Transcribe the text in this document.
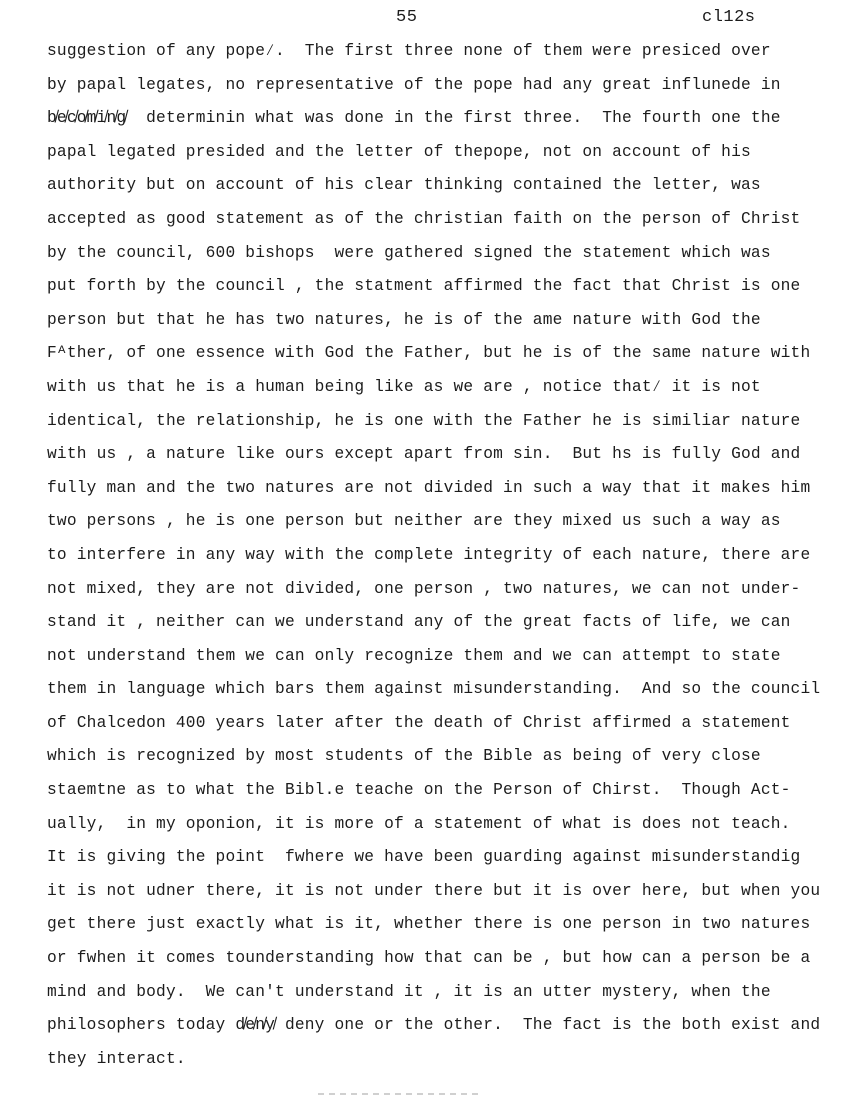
55	cl12s
suggestion of any pope∕.  The first three none of them were presiced over
by papal legates, no representative of the pope had any great influnede in
b̸e̸c̸o̸m̸i̸n̸g̸  determinin what was done in the first three.  The fourth one the
papal legated presided and the letter of thepope, not on account of his
authority but on account of his clear thinking contained the letter, was
accepted as good statement as of the christian faith on the person of Christ
by the council, 600 bishops  were gathered signed the statement which was
put forth by the council , the statment affirmed the fact that Christ is one
person but that he has two natures, he is of the ame nature with God the
Fᴬther, of one essence with God the Father, but he is of the same nature with
with us that he is a human being like as we are , notice that∕ it is not
identical, the relationship, he is one with the Father he is similiar nature
with us , a nature like ours except apart from sin.  But hs is fully God and
fully man and the two natures are not divided in such a way that it makes him
two persons , he is one person but neither are they mixed us such a way as
to interfere in any way with the complete integrity of each nature, there are
not mixed, they are not divided, one person , two natures, we can not under-
stand it , neither can we understand any of the great facts of life, we can
not understand them we can only recognize them and we can attempt to state
them in language which bars them against misunderstanding.  And so the council
of Chalcedon 400 years later after the death of Christ affirmed a statement
which is recognized by most students of the Bible as being of very close
staemtne as to what the Bibl.e teache on the Person of Chirst.  Though Act-
ually,  in my oponion, it is more of a statement of what is does not teach.
It is giving the point  fwhere we have been guarding against misunderstandig
it is not udner there, it is not under there but it is over here, but when you
get there just exactly what is it, whether there is one person in two natures
or fwhen it comes tounderstanding how that can be , but how can a person be a
mind and body.  We can't understand it , it is an utter mystery, when the
philosophers today d̸e̸n̸y̸ deny one or the other.  The fact is the both exist and
they interact.
